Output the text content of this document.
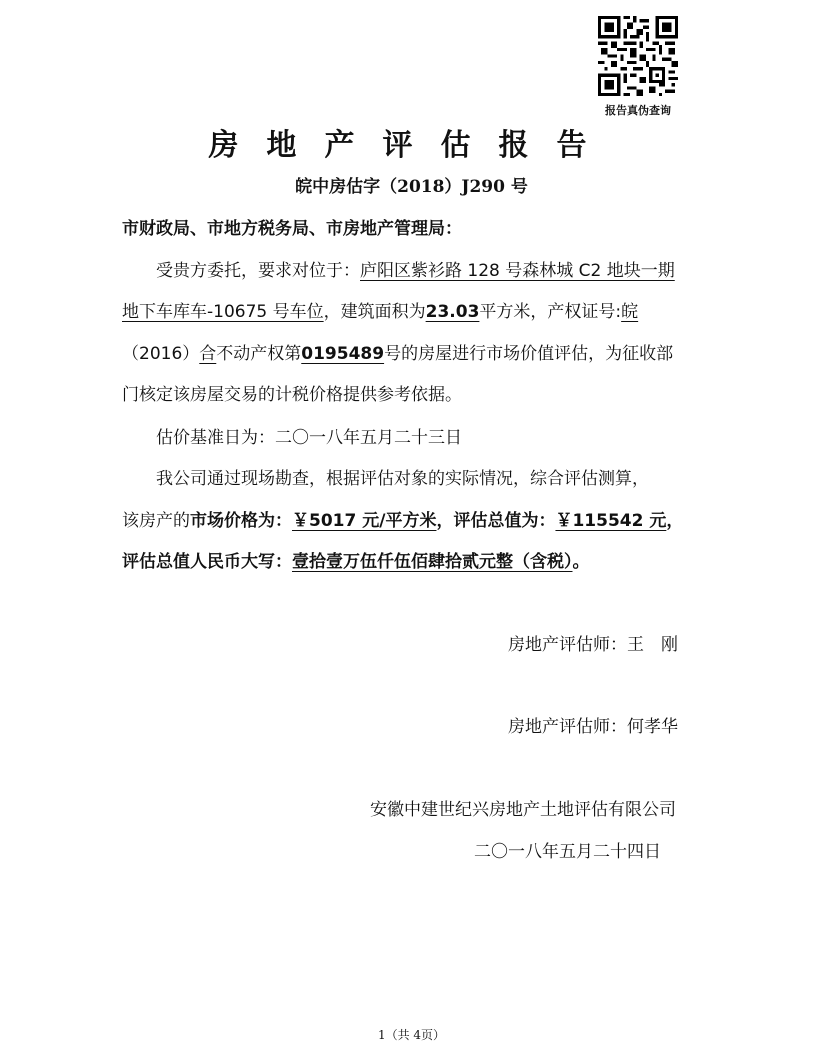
报告真伪查询
房地产评估报告
皖中房估字（2018）J290 号
市财政局、市地方税务局、市房地产管理局：
受贵方委托，要求对位于：庐阳区紫衫路 128 号森林城 C2 地块一期
地下车库车-10675 号车位，建筑面积为23.03平方米，产权证号:皖
（2016）合不动产权第0195489号的房屋进行市场价值评估，为征收部
门核定该房屋交易的计税价格提供参考依据。
估价基准日为：二〇一八年五月二十三日
我公司通过现场勘查，根据评估对象的实际情况，综合评估测算，
该房产的市场价格为：￥5017 元/平方米，评估总值为：￥115542 元，
评估总值人民币大写：壹拾壹万伍仟伍佰肆拾贰元整（含税）。
房地产评估师：王　刚
房地产评估师：何孝华
安徽中建世纪兴房地产土地评估有限公司
二〇一八年五月二十四日
1（共 4页）
